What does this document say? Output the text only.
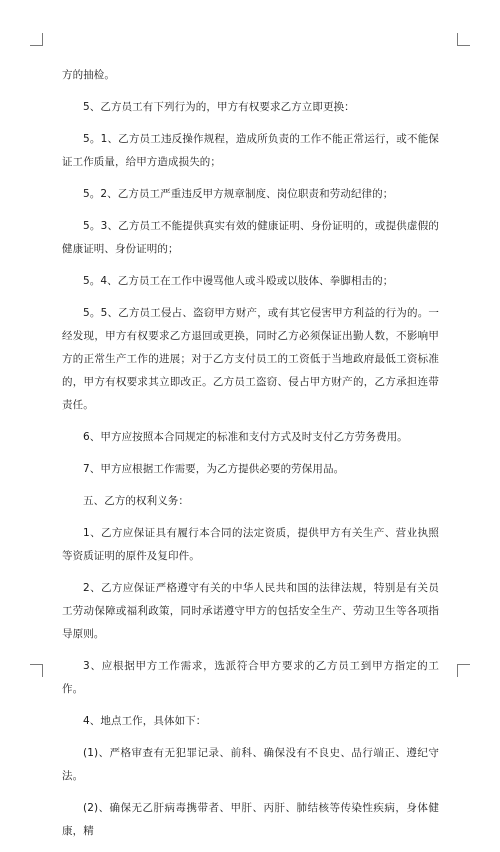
方的抽检。

5、乙方员工有下列行为的，甲方有权要求乙方立即更换：

5。1、乙方员工违反操作规程，造成所负责的工作不能正常运行，或不能保证工作质量，给甲方造成损失的；

5。2、乙方员工严重违反甲方规章制度、岗位职责和劳动纪律的；

5。3、乙方员工不能提供真实有效的健康证明、身份证明的，或提供虚假的健康证明、身份证明的；

5。4、乙方员工在工作中谩骂他人或斗殴或以肢体、拳脚相击的；

5。5、乙方员工侵占、盗窃甲方财产，或有其它侵害甲方利益的行为的。一经发现，甲方有权要求乙方退回或更换，同时乙方必须保证出勤人数，不影响甲方的正常生产工作的进展；对于乙方支付员工的工资低于当地政府最低工资标准的，甲方有权要求其立即改正。乙方员工盗窃、侵占甲方财产的，乙方承担连带责任。

6、甲方应按照本合同规定的标准和支付方式及时支付乙方劳务费用。

7、甲方应根据工作需要，为乙方提供必要的劳保用品。

五、乙方的权利义务：

1、乙方应保证具有履行本合同的法定资质，提供甲方有关生产、营业执照等资质证明的原件及复印件。

2、乙方应保证严格遵守有关的中华人民共和国的法律法规，特别是有关员工劳动保障或福利政策，同时承诺遵守甲方的包括安全生产、劳动卫生等各项指导原则。

3、应根据甲方工作需求，选派符合甲方要求的乙方员工到甲方指定的工作。

4、地点工作，具体如下：

(1)、严格审查有无犯罪记录、前科、确保没有不良史、品行端正、遵纪守法。

(2)、确保无乙肝病毒携带者、甲肝、丙肝、肺结核等传染性疾病，身体健康，精
